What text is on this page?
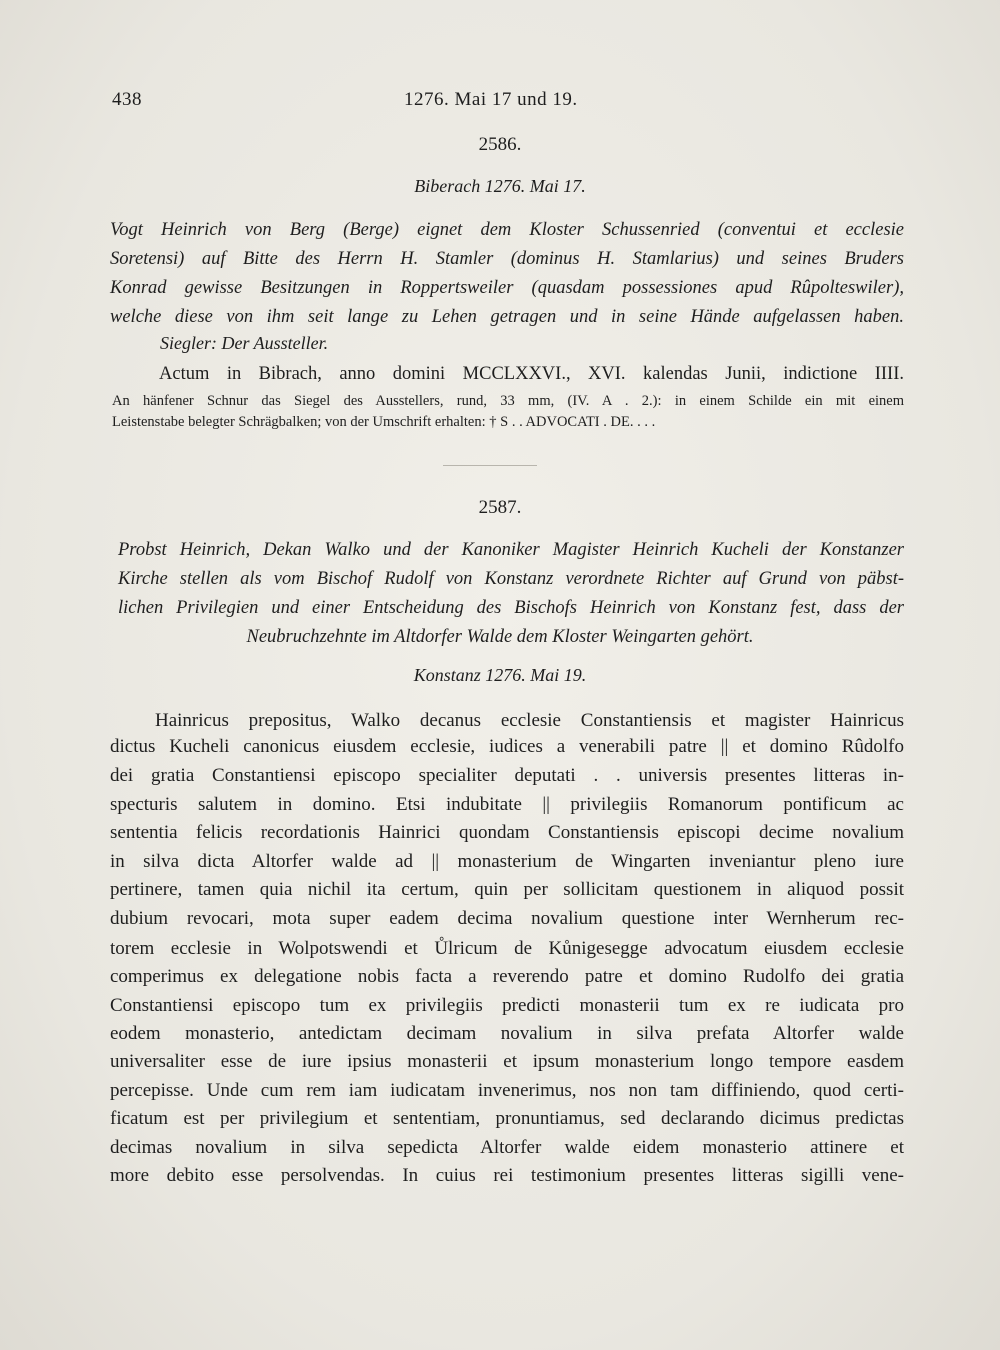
438	1276. Mai 17 und 19.
2586.
Biberach 1276. Mai 17.
Vogt Heinrich von Berg (Berge) eignet dem Kloster Schussenried (conventui et ecclesie
Soretensi) auf Bitte des Herrn H. Stamler (dominus H. Stamlarius) und seines Bruders
Konrad gewisse Besitzungen in Roppertsweiler (quasdam possessiones apud Rûpolteswiler),
welche diese von ihm seit lange zu Lehen getragen und in seine Hände aufgelassen haben.
Siegler: Der Aussteller.
Actum in Bibrach, anno domini MCCLXXVI., XVI. kalendas Junii, indictione IIII.
An hänfener Schnur das Siegel des Ausstellers, rund, 33 mm, (IV. A . 2.): in einem Schilde ein mit einem
Leistenstabe belegter Schrägbalken; von der Umschrift erhalten: † S . . ADVOCATI . DE. . . .
2587.
Probst Heinrich, Dekan Walko und der Kanoniker Magister Heinrich Kucheli der Konstanzer
Kirche stellen als vom Bischof Rudolf von Konstanz verordnete Richter auf Grund von päbst-
lichen Privilegien und einer Entscheidung des Bischofs Heinrich von Konstanz fest, dass der
Neubruchzehnte im Altdorfer Walde dem Kloster Weingarten gehört.
Konstanz 1276. Mai 19.
Hainricus prepositus, Walko decanus ecclesie Constantiensis et magister Hainricus
dictus Kucheli canonicus eiusdem ecclesie, iudices a venerabili patre || et domino Rûdolfo
dei gratia Constantiensi episcopo specialiter deputati . . universis presentes litteras in-
specturis salutem in domino. Etsi indubitate || privilegiis Romanorum pontificum ac
sententia felicis recordationis Hainrici quondam Constantiensis episcopi decime novalium
in silva dicta Altorfer walde ad || monasterium de Wingarten inveniantur pleno iure
pertinere, tamen quia nichil ita certum, quin per sollicitam questionem in aliquod possit
dubium revocari, mota super eadem decima novalium questione inter Wernherum rec-
torem ecclesie in Wolpotswendi et Ůlricum de Kůnigesegge advocatum eiusdem ecclesie
comperimus ex delegatione nobis facta a reverendo patre et domino Rudolfo dei gratia
Constantiensi episcopo tum ex privilegiis predicti monasterii tum ex re iudicata pro
eodem monasterio, antedictam decimam novalium in silva prefata Altorfer walde
universaliter esse de iure ipsius monasterii et ipsum monasterium longo tempore easdem
percepisse. Unde cum rem iam iudicatam invenerimus, nos non tam diffiniendo, quod certi-
ficatum est per privilegium et sententiam, pronuntiamus, sed declarando dicimus predictas
decimas novalium in silva sepedicta Altorfer walde eidem monasterio attinere et
more debito esse persolvendas. In cuius rei testimonium presentes litteras sigilli vene-
